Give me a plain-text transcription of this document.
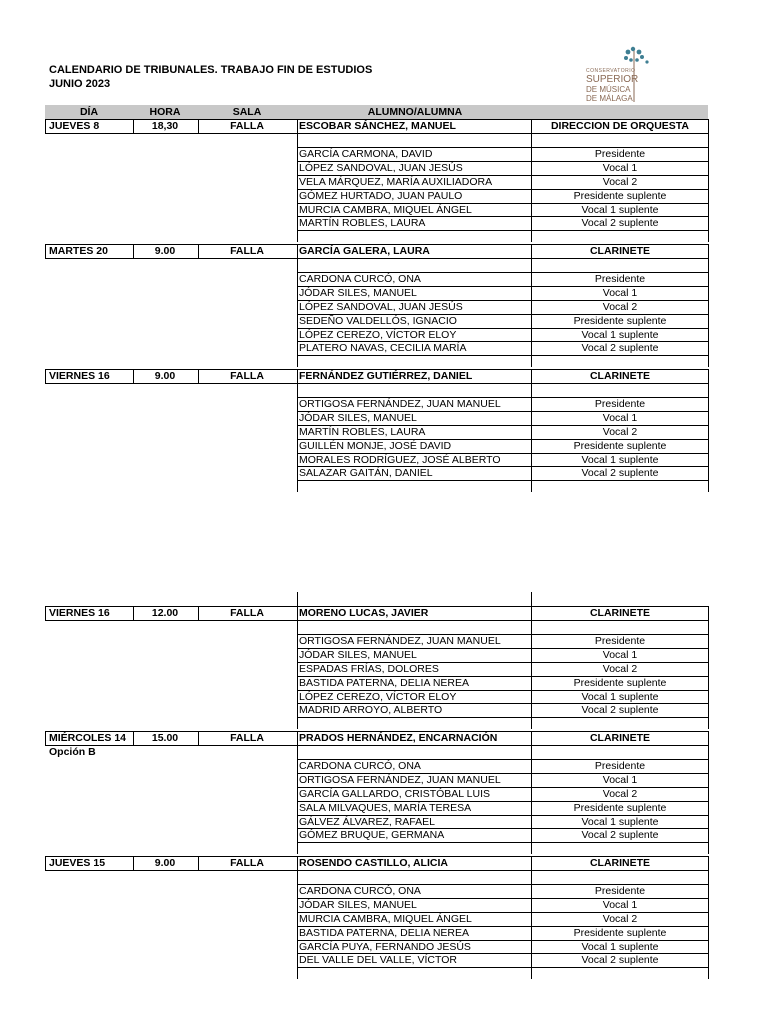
CALENDARIO DE TRIBUNALES. TRABAJO FIN DE ESTUDIOS
JUNIO 2023
CONSERVATORIO
SUPERIOR
DE MÚSICA
DE MÁLAGA
DÍA	HORA	SALA	ALUMNO/ALUMNA
JUEVES 8	18,30	FALLA	ESCOBAR SÁNCHEZ, MANUEL	DIRECCION DE ORQUESTA
GARCÍA CARMONA, DAVID	Presidente
LÓPEZ SANDOVAL, JUAN JESÚS	Vocal 1
VELA MÁRQUEZ, MARÍA AUXILIADORA	Vocal 2
GÓMEZ HURTADO, JUAN PAULO	Presidente suplente
MURCIA CAMBRA, MIQUEL ÁNGEL	Vocal 1 suplente
MARTÍN ROBLES, LAURA	Vocal 2 suplente
MARTES 20	9.00	FALLA	GARCÍA GALERA, LAURA	CLARINETE
CARDONA CURCÓ, ONA	Presidente
JÓDAR SILES, MANUEL	Vocal 1
LÓPEZ SANDOVAL, JUAN JESÚS	Vocal 2
SEDEÑO VALDELLÓS, IGNACIO	Presidente suplente
LÓPEZ CEREZO, VÍCTOR ELOY	Vocal 1 suplente
PLATERO NAVAS, CECILIA MARÍA	Vocal 2 suplente
VIERNES 16	9.00	FALLA	FERNÁNDEZ GUTIÉRREZ, DANIEL	CLARINETE
ORTIGOSA FERNÁNDEZ, JUAN MANUEL	Presidente
JÓDAR SILES, MANUEL	Vocal 1
MARTÍN ROBLES, LAURA	Vocal 2
GUILLÉN MONJE, JOSÉ DAVID	Presidente suplente
MORALES RODRÍGUEZ, JOSÉ ALBERTO	Vocal 1 suplente
SALAZAR GAITÁN, DANIEL	Vocal 2 suplente
VIERNES 16	12.00	FALLA	MORENO LUCAS, JAVIER	CLARINETE
ORTIGOSA FERNÁNDEZ, JUAN MANUEL	Presidente
JÓDAR SILES, MANUEL	Vocal 1
ESPADAS FRÍAS, DOLORES	Vocal 2
BASTIDA PATERNA, DELIA NEREA	Presidente suplente
LÓPEZ CEREZO, VÍCTOR ELOY	Vocal 1 suplente
MADRID ARROYO, ALBERTO	Vocal 2 suplente
MIÉRCOLES 14	15.00	FALLA	PRADOS HERNÁNDEZ, ENCARNACIÓN	CLARINETE
Opción B
CARDONA CURCÓ, ONA	Presidente
ORTIGOSA FERNÁNDEZ, JUAN MANUEL	Vocal 1
GARCÍA GALLARDO, CRISTÓBAL LUIS	Vocal 2
SALA MILVAQUES, MARÍA TERESA	Presidente suplente
GÁLVEZ ÁLVAREZ, RAFAEL	Vocal 1 suplente
GÓMEZ BRUQUE, GERMANA	Vocal 2 suplente
JUEVES 15	9.00	FALLA	ROSENDO CASTILLO, ALICIA	CLARINETE
CARDONA CURCÓ, ONA	Presidente
JÓDAR SILES, MANUEL	Vocal 1
MURCIA CAMBRA, MIQUEL ÁNGEL	Vocal 2
BASTIDA PATERNA, DELIA NEREA	Presidente suplente
GARCÍA PUYA, FERNANDO JESÚS	Vocal 1 suplente
DEL VALLE DEL VALLE, VÍCTOR	Vocal 2 suplente
